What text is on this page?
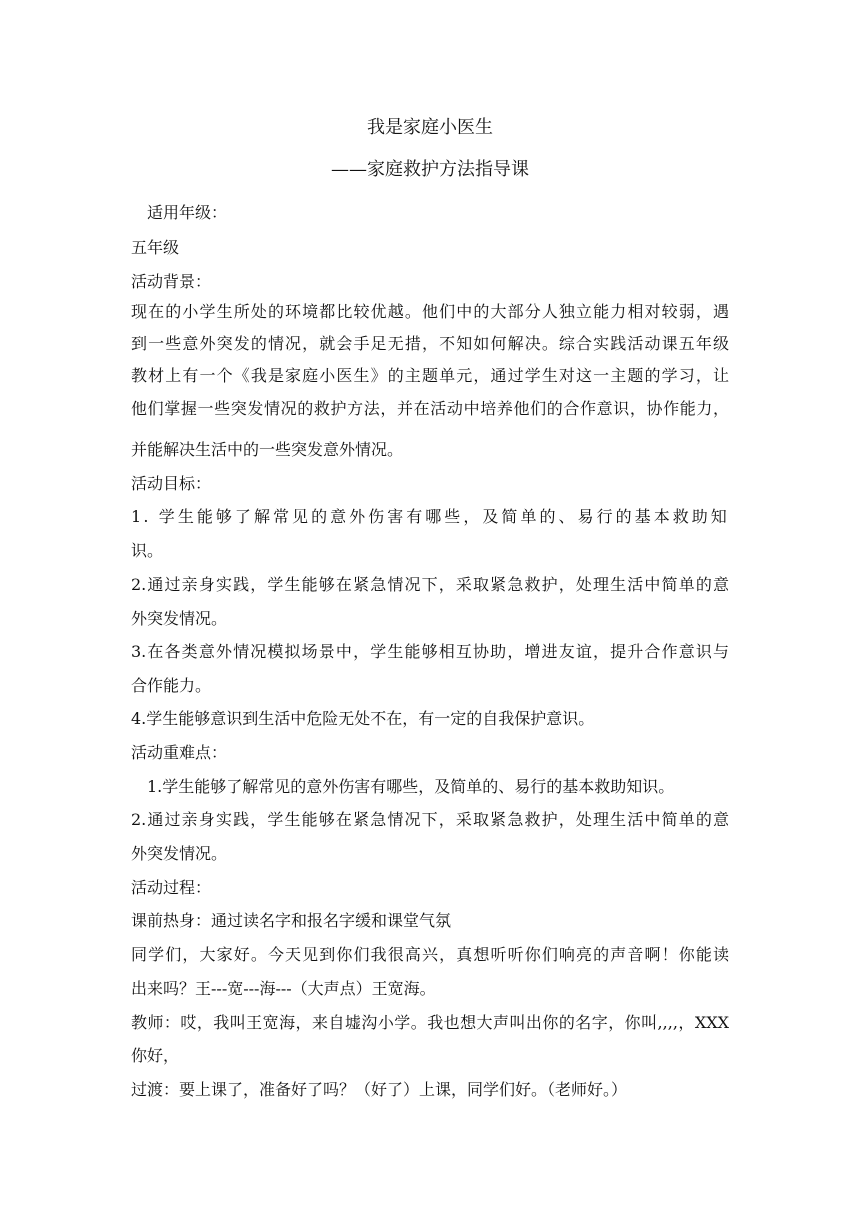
我是家庭小医生
——家庭救护方法指导课
适用年级：
五年级
活动背景：
现在的小学生所处的环境都比较优越。他们中的大部分人独立能力相对较弱，遇
到一些意外突发的情况，就会手足无措，不知如何解决。综合实践活动课五年级
教材上有一个《我是家庭小医生》的主题单元，通过学生对这一主题的学习，让
他们掌握一些突发情况的救护方法，并在活动中培养他们的合作意识，协作能力，
并能解决生活中的一些突发意外情况。
活动目标：
1. 学生能够了解常见的意外伤害有哪些，及简单的、易行的基本救助知
识。
2.通过亲身实践，学生能够在紧急情况下，采取紧急救护，处理生活中简单的意
外突发情况。
3.在各类意外情况模拟场景中，学生能够相互协助，增进友谊，提升合作意识与
合作能力。
4.学生能够意识到生活中危险无处不在，有一定的自我保护意识。
活动重难点：
1.学生能够了解常见的意外伤害有哪些，及简单的、易行的基本救助知识。
2.通过亲身实践，学生能够在紧急情况下，采取紧急救护，处理生活中简单的意
外突发情况。
活动过程：
课前热身：通过读名字和报名字缓和课堂气氛
同学们，大家好。今天见到你们我很高兴，真想听听你们响亮的声音啊！你能读
出来吗？王---宽---海---（大声点）王宽海。
教师：哎，我叫王宽海，来自墟沟小学。我也想大声叫出你的名字，你叫,,,,，XXX
你好，
过渡：要上课了，准备好了吗？（好了）上课，同学们好。（老师好。）
